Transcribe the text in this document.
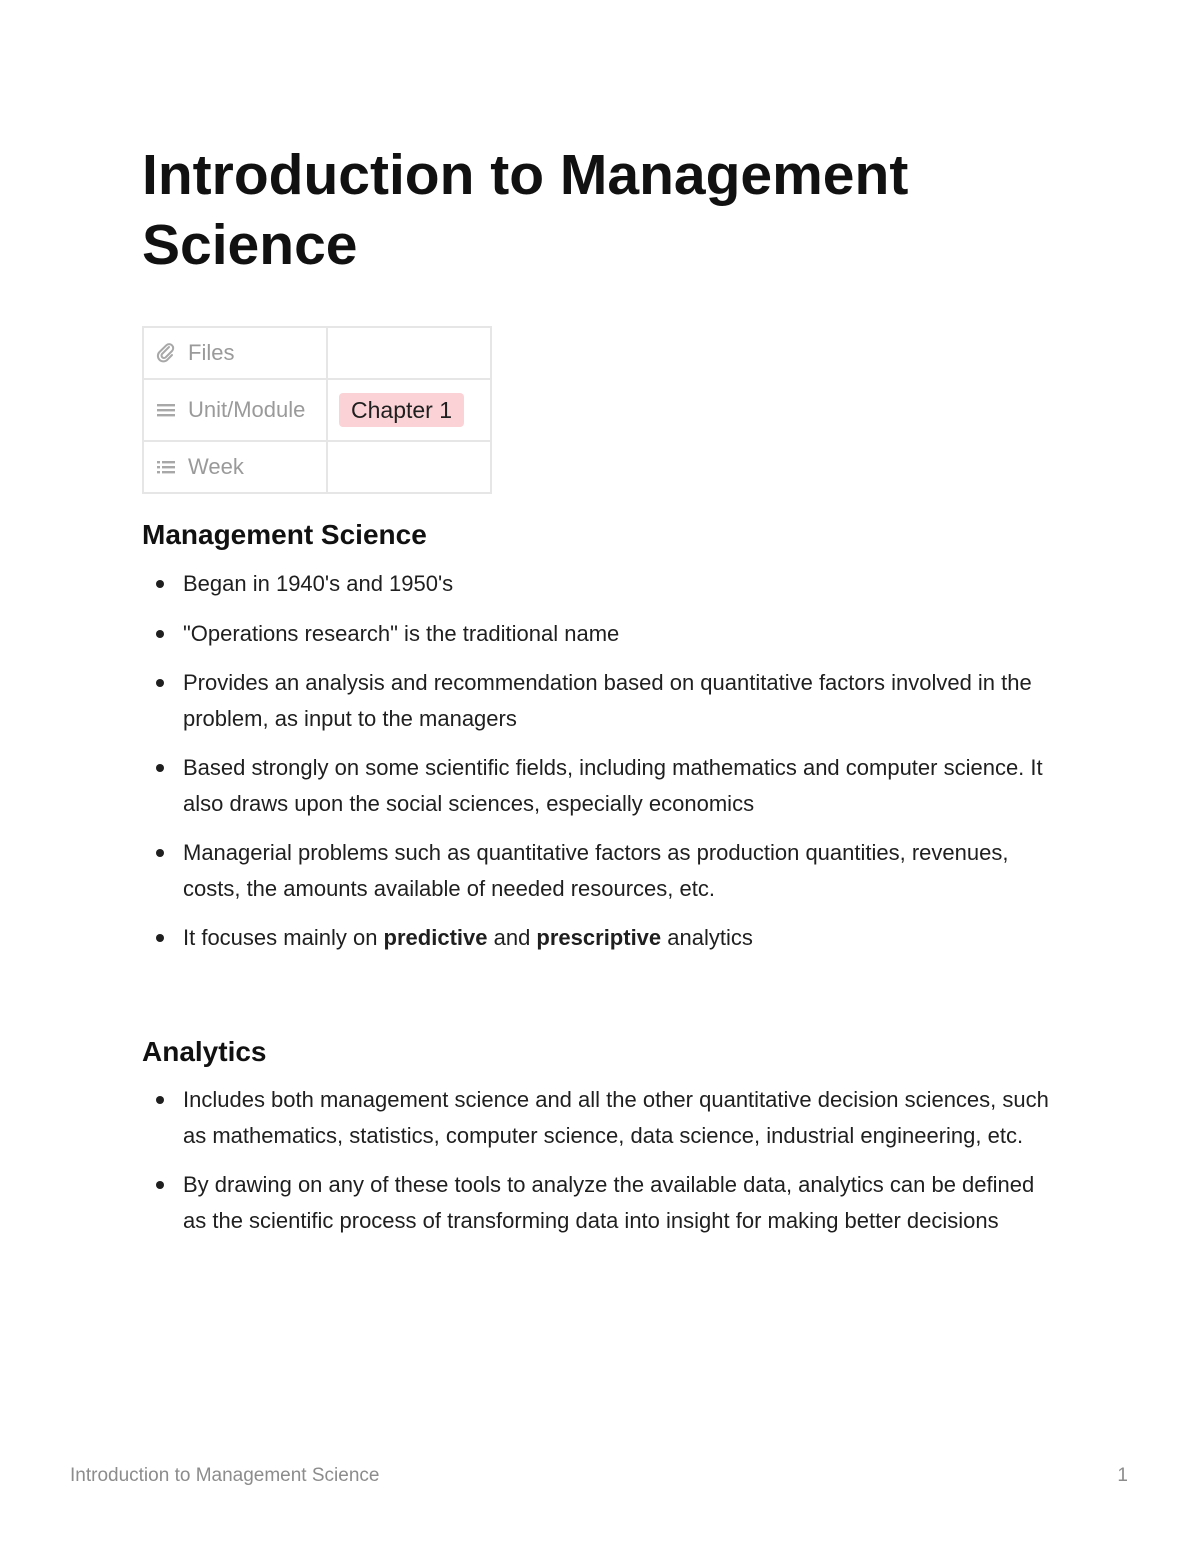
Introduction to Management Science
Files	

Unit/Module	Chapter 1

Week	

Management Science
Began in 1940's and 1950's
"Operations research" is the traditional name
Provides an analysis and recommendation based on quantitative factors involved in the problem, as input to the managers
Based strongly on some scientific fields, including mathematics and computer science. It also draws upon the social sciences, especially economics
Managerial problems such as quantitative factors as production quantities, revenues, costs, the amounts available of needed resources, etc.
It focuses mainly on predictive and prescriptive analytics
Analytics
Includes both management science and all the other quantitative decision sciences, such as mathematics, statistics, computer science, data science, industrial engineering, etc.
By drawing on any of these tools to analyze the available data, analytics can be defined as the scientific process of transforming data into insight for making better decisions
Introduction to Management Science	1
